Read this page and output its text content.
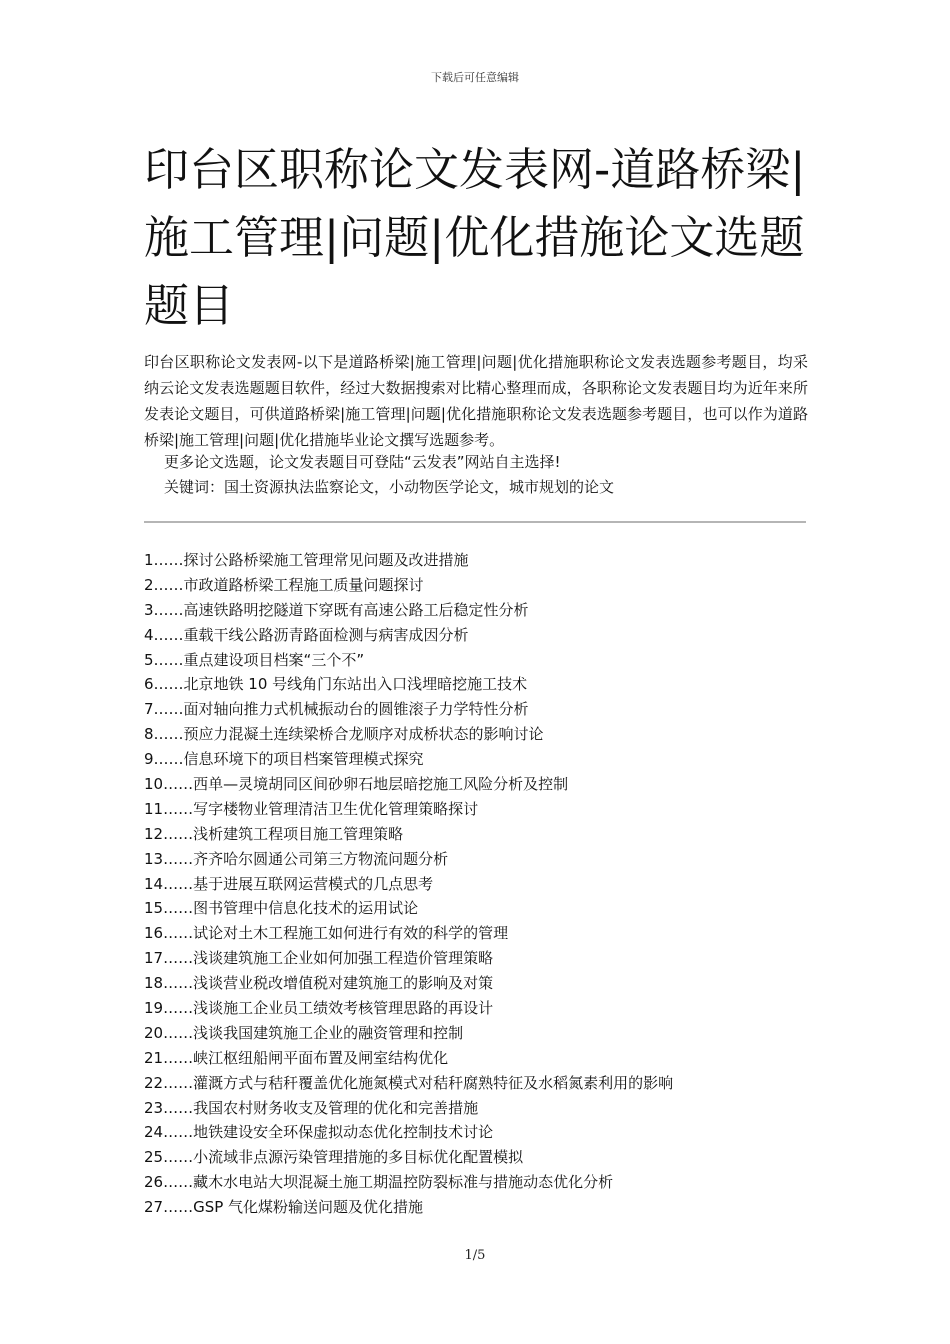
下载后可任意编辑
印台区职称论文发表网-道路桥梁|施工管理|问题|优化措施论文选题题目

印台区职称论文发表网-以下是道路桥梁|施工管理|问题|优化措施职称论文发表选题参考题目，均采纳云论文发表选题题目软件，经过大数据搜索对比精心整理而成，各职称论文发表题目均为近年来所发表论文题目，可供道路桥梁|施工管理|问题|优化措施职称论文发表选题参考题目，也可以作为道路桥梁|施工管理|问题|优化措施毕业论文撰写选题参考。

更多论文选题，论文发表题目可登陆“云发表”网站自主选择!

关键词：国土资源执法监察论文，小动物医学论文，城市规划的论文

1……探讨公路桥梁施工管理常见问题及改进措施
2……市政道路桥梁工程施工质量问题探讨
3……高速铁路明挖隧道下穿既有高速公路工后稳定性分析
4……重载干线公路沥青路面检测与病害成因分析
5……重点建设项目档案“三个不”
6……北京地铁 10 号线角门东站出入口浅埋暗挖施工技术
7……面对轴向推力式机械振动台的圆锥滚子力学特性分析
8……预应力混凝土连续梁桥合龙顺序对成桥状态的影响讨论
9……信息环境下的项目档案管理模式探究
10……西单—灵境胡同区间砂卵石地层暗挖施工风险分析及控制
11……写字楼物业管理清洁卫生优化管理策略探讨
12……浅析建筑工程项目施工管理策略
13……齐齐哈尔圆通公司第三方物流问题分析
14……基于进展互联网运营模式的几点思考
15……图书管理中信息化技术的运用试论
16……试论对土木工程施工如何进行有效的科学的管理
17……浅谈建筑施工企业如何加强工程造价管理策略
18……浅谈营业税改增值税对建筑施工的影响及对策
19……浅谈施工企业员工绩效考核管理思路的再设计
20……浅谈我国建筑施工企业的融资管理和控制
21……峡江枢纽船闸平面布置及闸室结构优化
22……灌溉方式与秸秆覆盖优化施氮模式对秸秆腐熟特征及水稻氮素利用的影响
23……我国农村财务收支及管理的优化和完善措施
24……地铁建设安全环保虚拟动态优化控制技术讨论
25……小流域非点源污染管理措施的多目标优化配置模拟
26……藏木水电站大坝混凝土施工期温控防裂标准与措施动态优化分析
27……GSP 气化煤粉输送问题及优化措施
1/5
